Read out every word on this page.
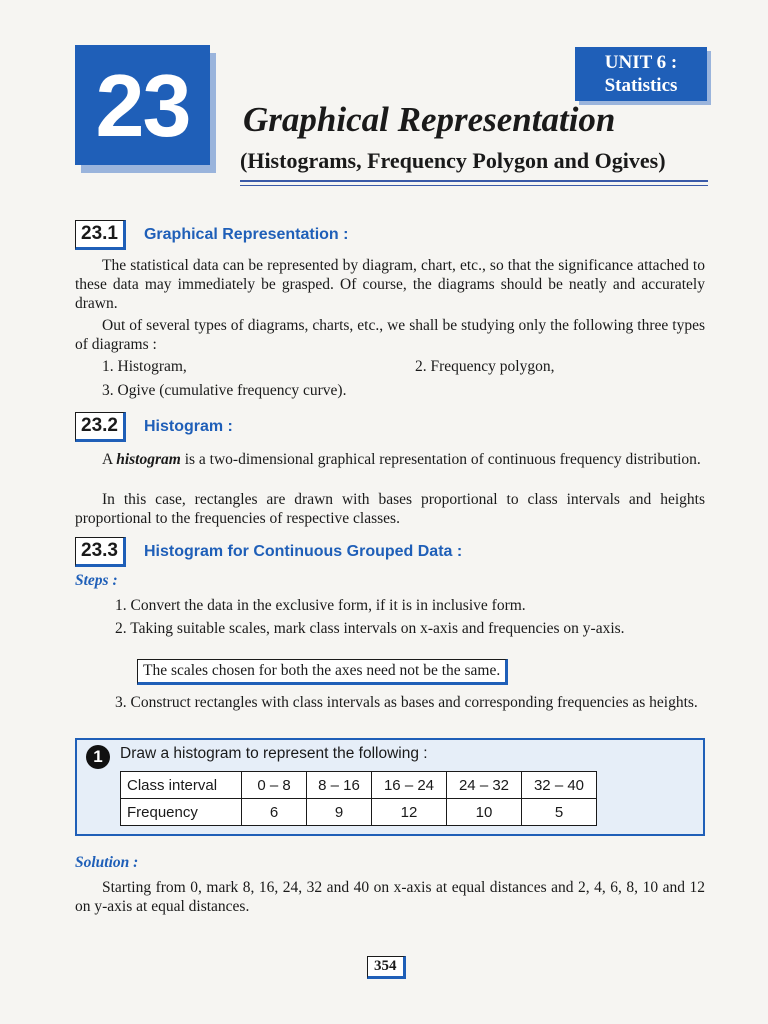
23	UNIT 6 :
Statistics
Graphical Representation
(Histograms, Frequency Polygon and Ogives)
23.1	Graphical Representation :
The statistical data can be represented by diagram, chart, etc., so that the significance attached to these data may immediately be grasped. Of course, the diagrams should be neatly and accurately drawn.
Out of several types of diagrams, charts, etc., we shall be studying only the following three types of diagrams :
1. Histogram,	2. Frequency polygon,
3. Ogive (cumulative frequency curve).
23.2	Histogram :
A histogram is a two-dimensional graphical representation of continuous frequency distribution.
In this case, rectangles are drawn with bases proportional to class intervals and heights proportional to the frequencies of respective classes.
23.3	Histogram for Continuous Grouped Data :
Steps :
1. Convert the data in the exclusive form, if it is in inclusive form.
2. Taking suitable scales, mark class intervals on x-axis and frequencies on y-axis.
The scales chosen for both the axes need not be the same.
3. Construct rectangles with class intervals as bases and corresponding frequencies as heights.
1	Draw a histogram to represent the following :
Class interval	0 – 8	8 – 16	16 – 24	24 – 32	32 – 40
Frequency	6	9	12	10	5
Solution :
Starting from 0, mark 8, 16, 24, 32 and 40 on x-axis at equal distances and 2, 4, 6, 8, 10 and 12 on y-axis at equal distances.
354
